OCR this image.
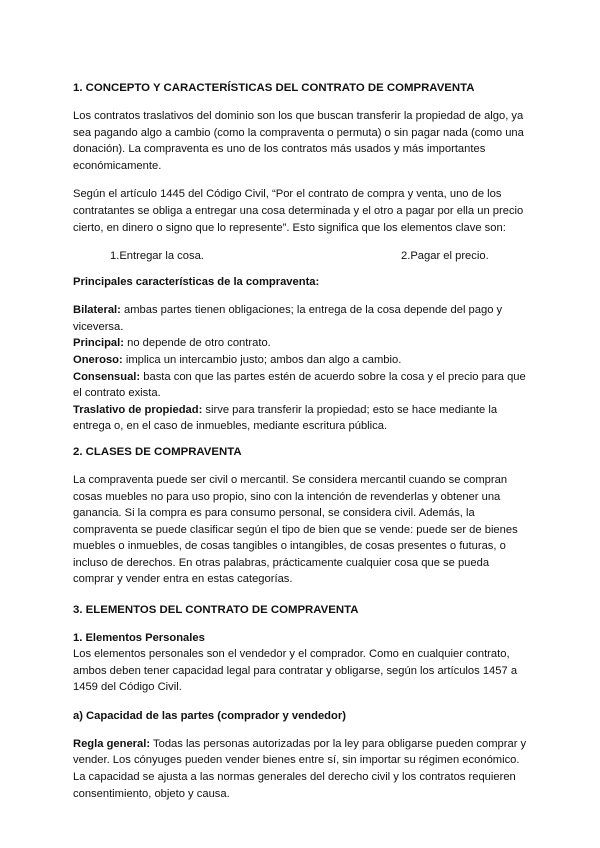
1. CONCEPTO Y CARACTERÍSTICAS DEL CONTRATO DE COMPRAVENTA

Los contratos traslativos del dominio son los que buscan transferir la propiedad de algo, ya sea pagando algo a cambio (como la compraventa o permuta) o sin pagar nada (como una donación). La compraventa es uno de los contratos más usados y más importantes económicamente.

Según el artículo 1445 del Código Civil, “Por el contrato de compra y venta, uno de los contratantes se obliga a entregar una cosa determinada y el otro a pagar por ella un precio cierto, en dinero o signo que lo represente”. Esto significa que los elementos clave son:

1.Entregar la cosa.	2.Pagar el precio.
Principales características de la compraventa:

Bilateral: ambas partes tienen obligaciones; la entrega de la cosa depende del pago y viceversa.

Principal: no depende de otro contrato.

Oneroso: implica un intercambio justo; ambos dan algo a cambio.

Consensual: basta con que las partes estén de acuerdo sobre la cosa y el precio para que el contrato exista.

Traslativo de propiedad: sirve para transferir la propiedad; esto se hace mediante la entrega o, en el caso de inmuebles, mediante escritura pública.

2. CLASES DE COMPRAVENTA

La compraventa puede ser civil o mercantil. Se considera mercantil cuando se compran cosas muebles no para uso propio, sino con la intención de revenderlas y obtener una ganancia. Si la compra es para consumo personal, se considera civil. Además, la compraventa se puede clasificar según el tipo de bien que se vende: puede ser de bienes muebles o inmuebles, de cosas tangibles o intangibles, de cosas presentes o futuras, o incluso de derechos. En otras palabras, prácticamente cualquier cosa que se pueda comprar y vender entra en estas categorías.

3. ELEMENTOS DEL CONTRATO DE COMPRAVENTA
1. Elementos Personales

Los elementos personales son el vendedor y el comprador. Como en cualquier contrato, ambos deben tener capacidad legal para contratar y obligarse, según los artículos 1457 a 1459 del Código Civil.

a) Capacidad de las partes (comprador y vendedor)

Regla general: Todas las personas autorizadas por la ley para obligarse pueden comprar y vender. Los cónyuges pueden vender bienes entre sí, sin importar su régimen económico. La capacidad se ajusta a las normas generales del derecho civil y los contratos requieren consentimiento, objeto y causa.
